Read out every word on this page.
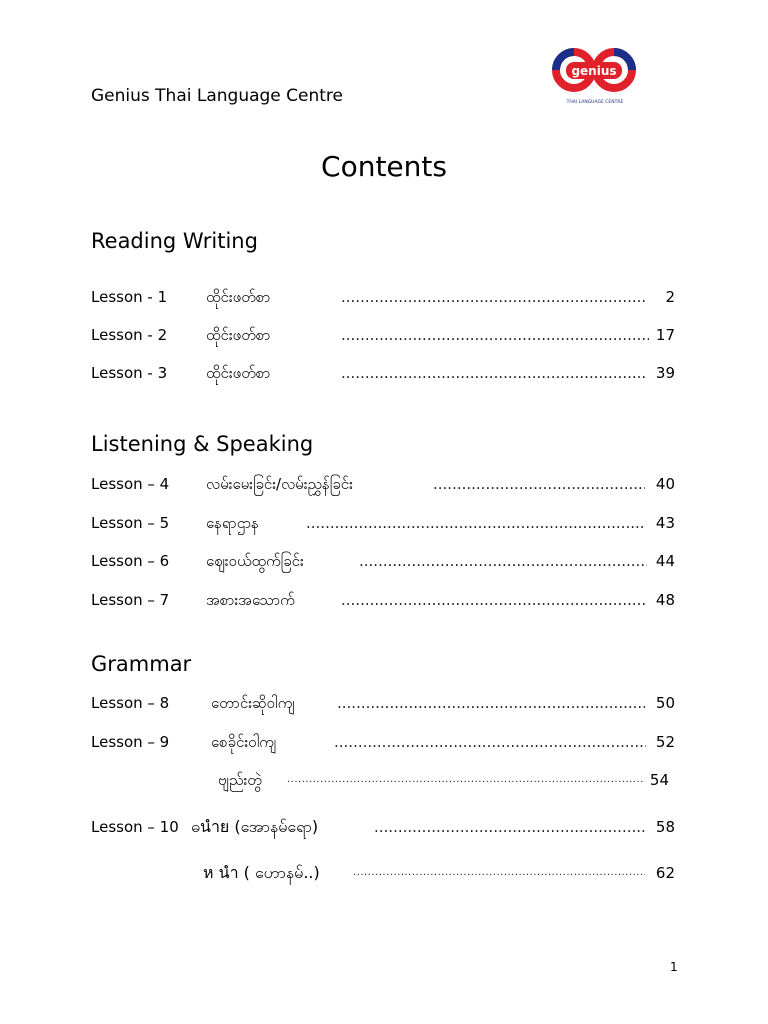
Genius Thai Language Centre
genius
THAI LANGUAGE CENTRE
Contents
Reading Writing
Lesson - 1	ထိုင်းဖတ်စာ .....	2
Lesson - 2	ထိုင်းဖတ်စာ .....	17
Lesson - 3	ထိုင်းဖတ်စာ .....	39
Listening & Speaking
Lesson – 4 လမ်းမေးခြင်း/လမ်းညွှန်ခြင်း .....	40
Lesson – 5 နေရာဌာန .....	43
Lesson – 6 ဈေးဝယ်ထွက်ခြင်း .....	44
Lesson – 7 အစားအသောက် .....	48
Grammar
Lesson – 8	တောင်းဆိုဝါကျ .....	50
Lesson – 9	စေခိုင်းဝါကျ .....	52
ဗျည်းတွဲ .....	54
Lesson – 10 ဓนำย (အောနမ်ရော) .....	58
ห นำ ( ဟောနမ်..) .....	62
1
